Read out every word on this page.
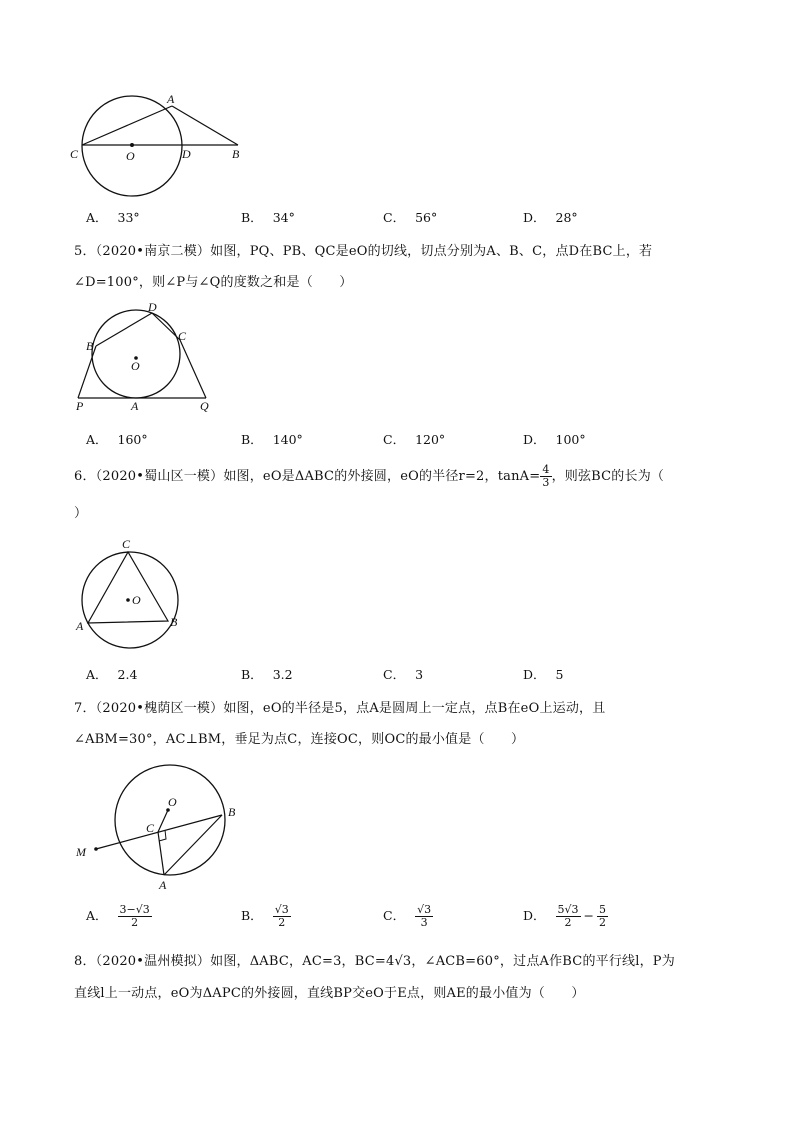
A
C	O	D	B
A． 33°	B． 34°	C． 56°	D． 28°
5．（2020•南京二模）如图，PQ、PB、QC是eO的切线，切点分别为A、B、C，点D在BC上，若
∠D=100°，则∠P与∠Q的度数之和是（　　）
D
C
B
O
P	A	Q
A． 160°	B． 140°	C． 120°	D． 100°
6．（2020•蜀山区一模）如图，eO是ΔABC的外接圆，eO的半径r=2，$\tan A= \frac{4}{3}$ ，则弦BC的长为（
）
C
O
A	B
A． 2.4	B． 3.2	C． 3	D． 5
7．（2020•槐荫区一模）如图，eO的半径是5，点A是圆周上一定点，点B在eO上运动，且
∠ABM=30°，AC⊥BM，垂足为点C，连接OC，则OC的最小值是（　　）
O
B
C
M
A
A． $\frac{3-√3}{2}$	B． $\frac{√3}{2}$	C． $\frac{√3}{3}$	D． $\frac{5√3}{2} - \frac{5}{2}$
8．（2020•温州模拟）如图，ΔABC，AC=3，BC=4√3，∠ACB=60°，过点A作BC的平行线l，P为
直线l上一动点，eO为ΔAPC的外接圆，直线BP交eO于E点，则AE的最小值为（　　）
